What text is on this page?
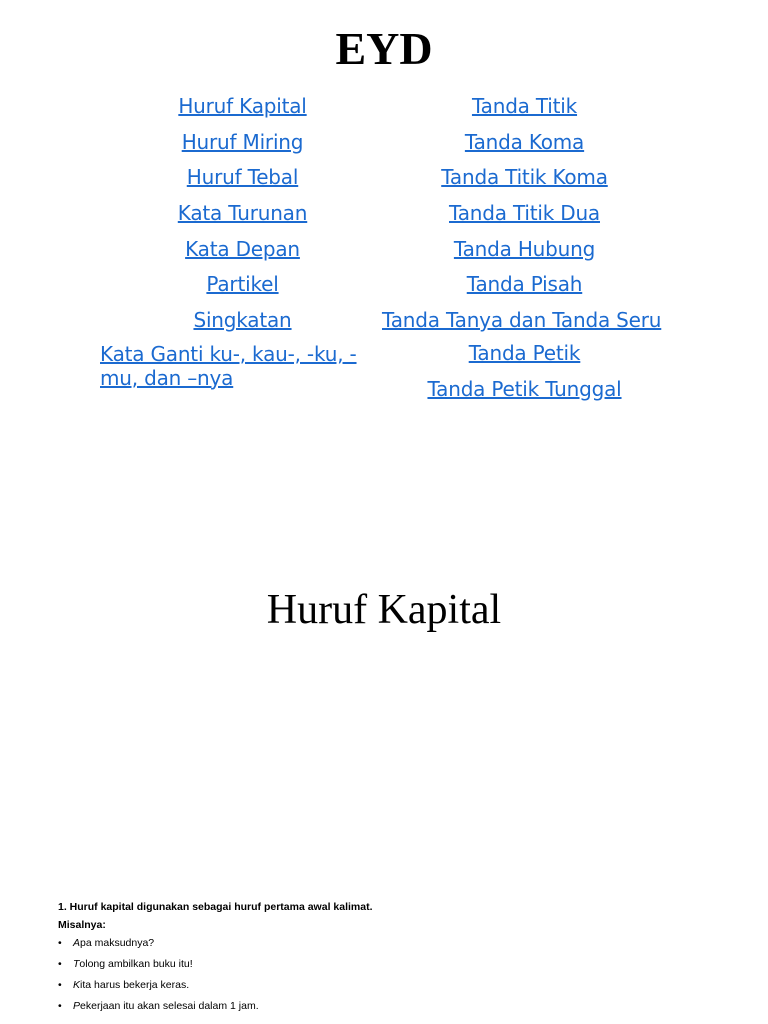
EYD
Huruf Kapital
Huruf Miring
Huruf Tebal
Kata Turunan
Kata Depan
Partikel
Singkatan
Kata Ganti ku-, kau-, -ku, -mu, dan –nya
Tanda Titik
Tanda Koma
Tanda Titik Koma
Tanda Titik Dua
Tanda Hubung
Tanda Pisah
Tanda Tanya dan Tanda Seru
Tanda Petik
Tanda Petik Tunggal
Huruf Kapital
1. Huruf kapital digunakan sebagai huruf pertama awal kalimat.
Misalnya:
• Apa maksudnya?
• Tolong ambilkan buku itu!
• Kita harus bekerja keras.
• Pekerjaan itu akan selesai dalam 1 jam.
